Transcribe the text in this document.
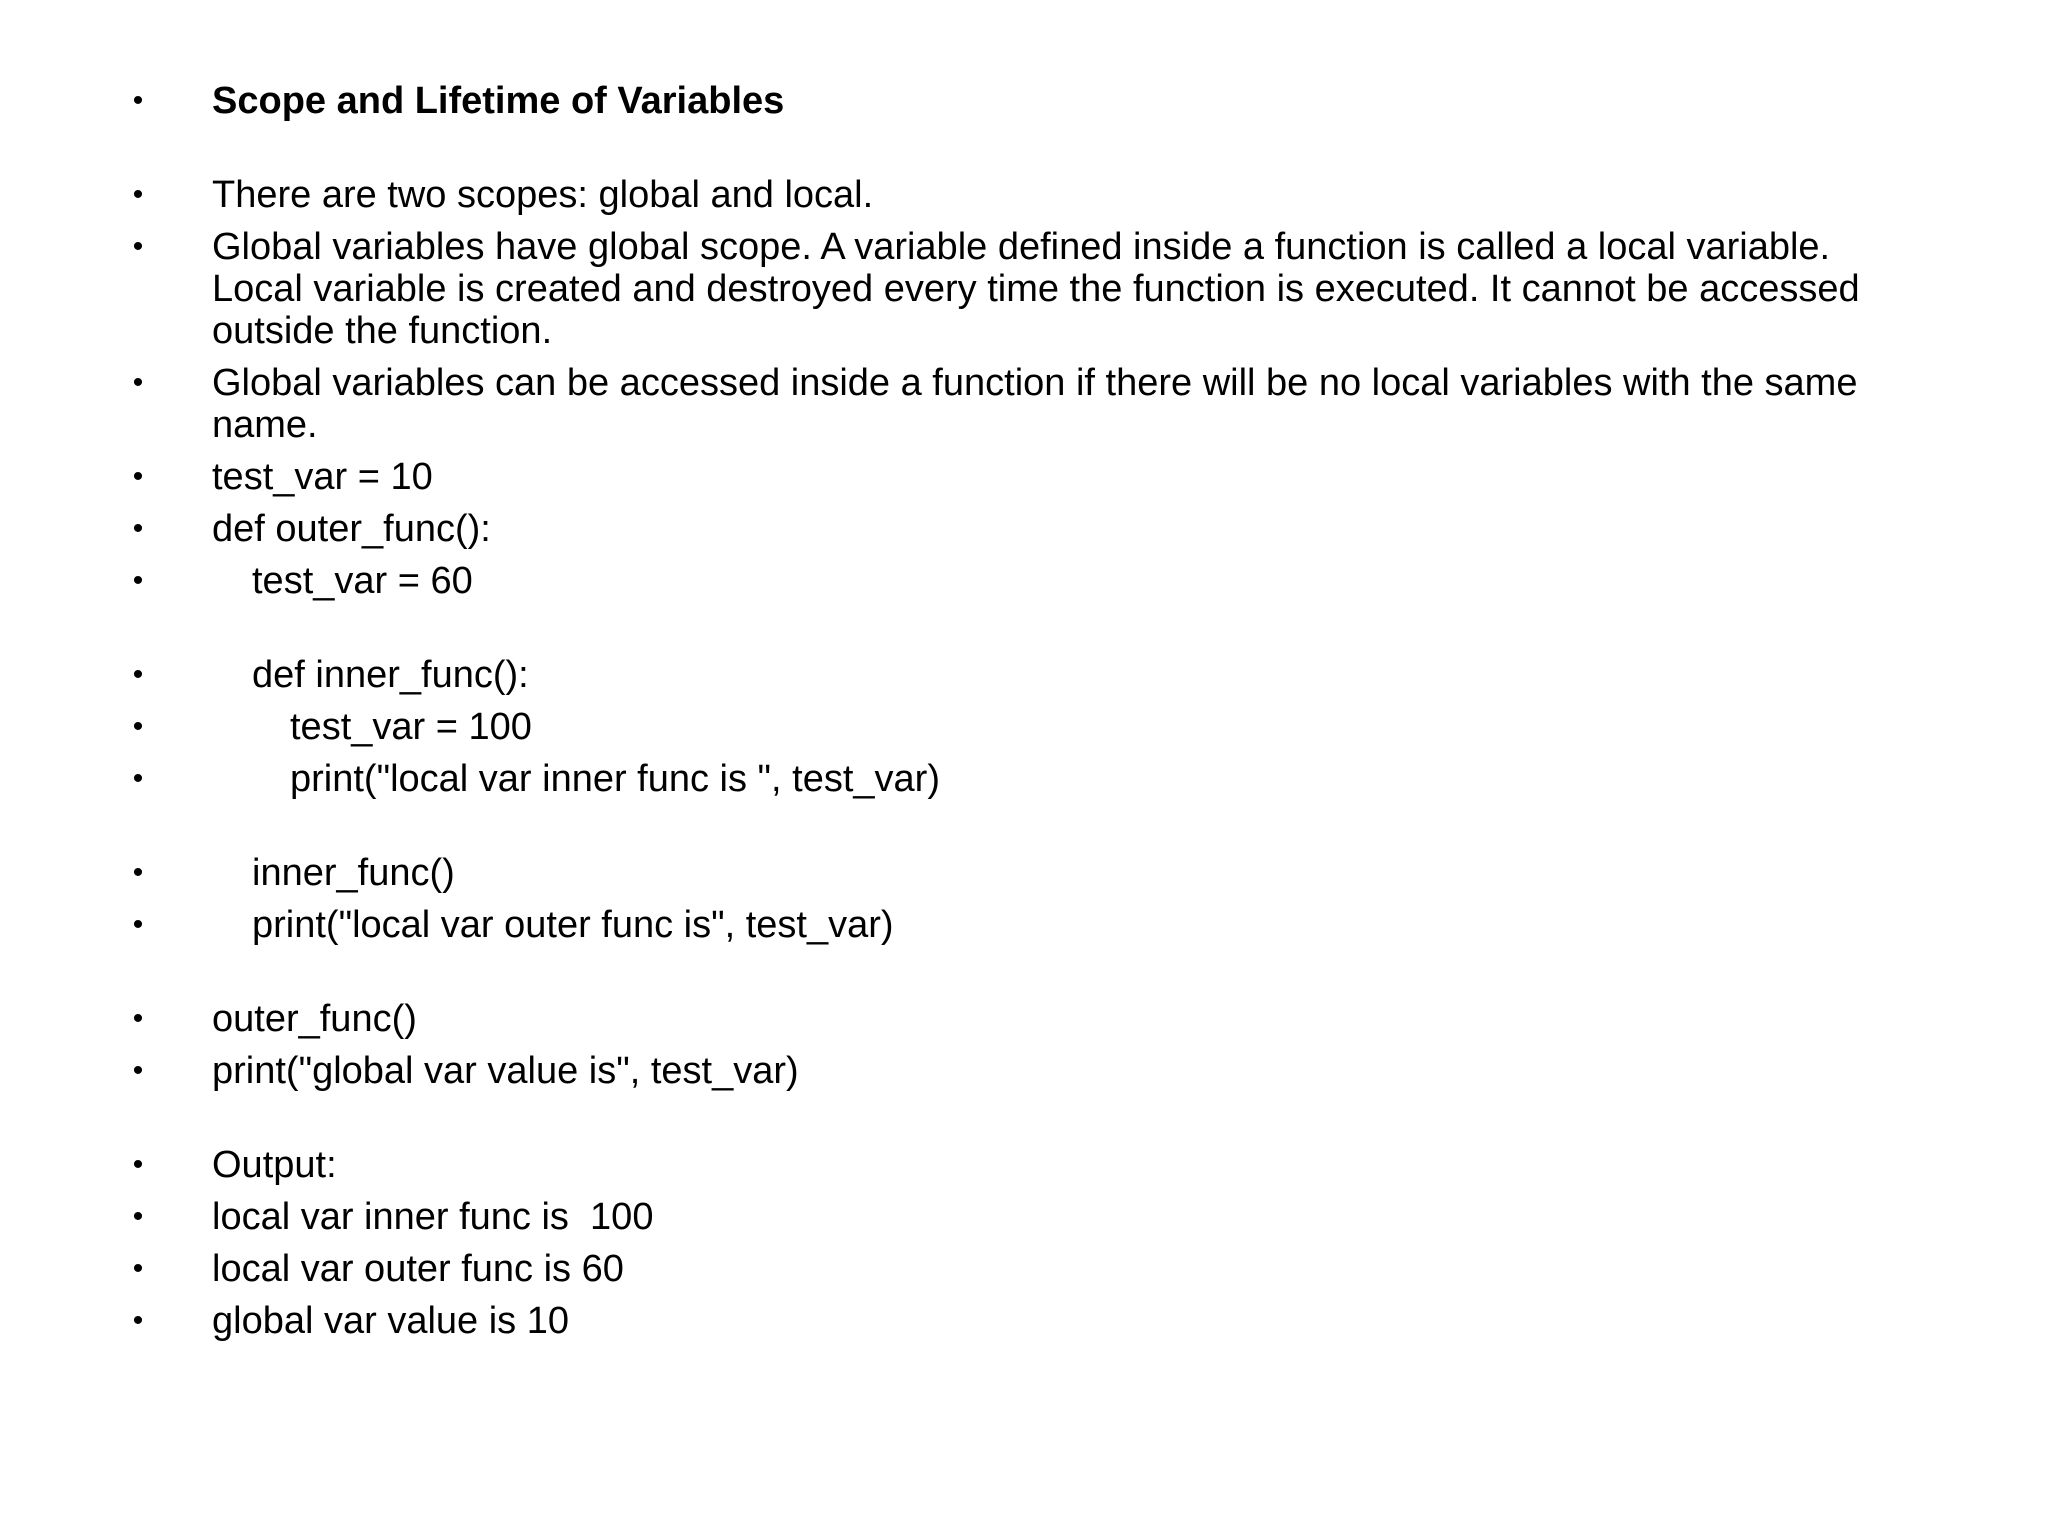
• Scope and Lifetime of Variables
• There are two scopes: global and local.
• Global variables have global scope. A variable defined inside a function is called a local variable. Local variable is created and destroyed every time the function is executed. It cannot be accessed outside the function.
• Global variables can be accessed inside a function if there will be no local variables with the same name.
• test_var = 10
• def outer_func():
•	test_var = 60
•	def inner_func():
•	test_var = 100
•	print("local var inner func is ", test_var)
•	inner_func()
•	print("local var outer func is", test_var)
• outer_func()
• print("global var value is", test_var)
• Output:
• local var inner func is  100
• local var outer func is 60
• global var value is 10
